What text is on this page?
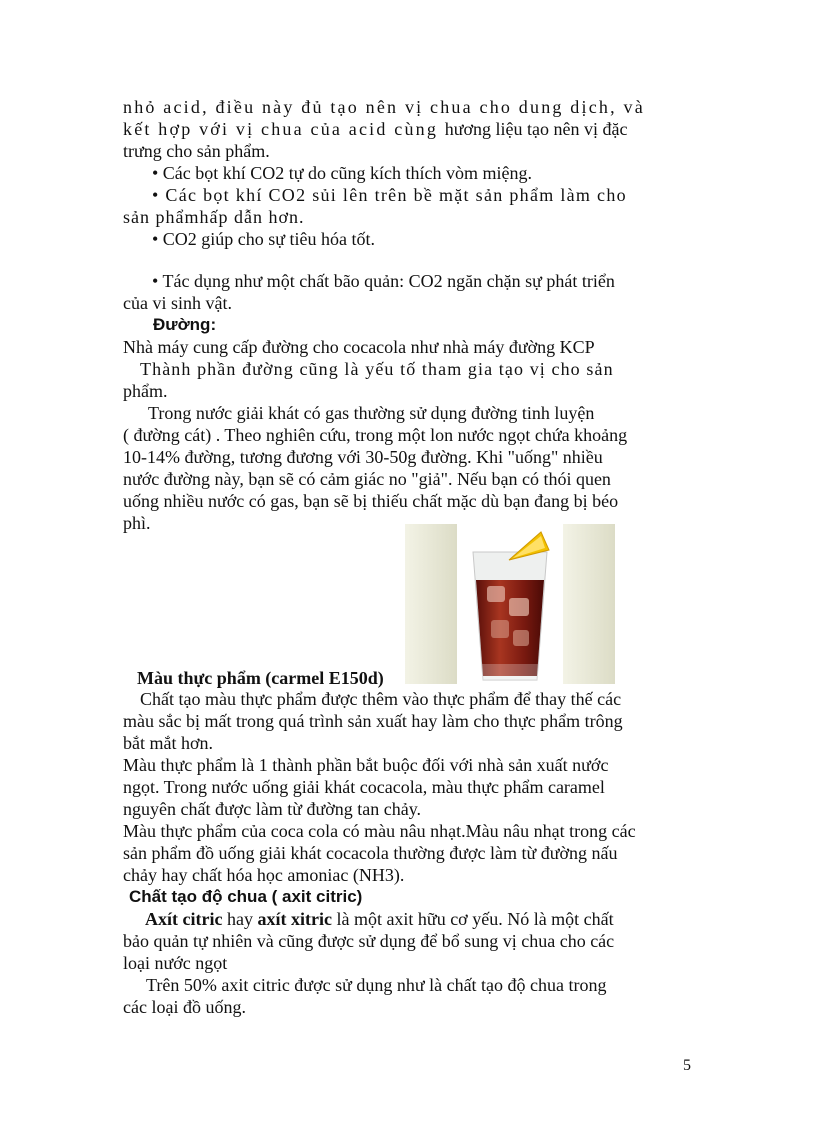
nhỏ acid, điều này đủ tạo nên vị chua cho dung dịch, và
kết hợp với vị chua của acid cùng hương liệu tạo nên vị đặc
trưng cho sản phẩm.
• Các bọt khí CO2 tự do cũng kích thích vòm miệng.
• Các bọt khí CO2 sủi lên trên bề mặt sản phẩm làm cho
sản phẩmhấp dẫn hơn.
• CO2 giúp cho sự tiêu hóa tốt.
• Tác dụng như một chất bão quản: CO2 ngăn chặn sự phát triển
của vi sinh vật.
Đường:
Nhà máy cung cấp đường cho cocacola như nhà máy đường KCP
Thành phần đường cũng là yếu tố tham gia tạo vị cho sản
phẩm.
Trong nước giải khát có gas thường sử dụng đường tinh luyện
( đường cát) . Theo nghiên cứu, trong một lon nước ngọt chứa khoảng
10-14% đường, tương đương với 30-50g đường. Khi "uống" nhiều
nước đường này, bạn sẽ có cảm giác no "giả". Nếu bạn có thói quen
uống nhiều nước có gas, bạn sẽ bị thiếu chất mặc dù bạn đang bị béo
phì.
Màu thực phẩm (carmel E150d)
Chất tạo màu thực phẩm được thêm vào thực phẩm để thay thế các
màu sắc bị mất trong quá trình sản xuất hay làm cho thực phẩm trông
bắt mắt hơn.
Màu thực phẩm là 1 thành phần bắt buộc đối với nhà sản xuất nước
ngọt. Trong nước uống giải khát cocacola, màu thực phẩm caramel
nguyên chất được làm từ đường tan chảy.
Màu thực phẩm của coca cola có màu nâu nhạt.Màu nâu nhạt trong các
sản phẩm đồ uống giải khát cocacola thường được làm từ đường nấu
chảy hay chất hóa học amoniac (NH3).
Chất tạo độ chua ( axit citric)
Axít citric hay axít xitric là một axit hữu cơ yếu. Nó là một chất
bảo quản tự nhiên và cũng được sử dụng để bổ sung vị chua cho các
loại nước ngọt
Trên 50% axit citric được sử dụng như là chất tạo độ chua trong
các loại đồ uống.
5
